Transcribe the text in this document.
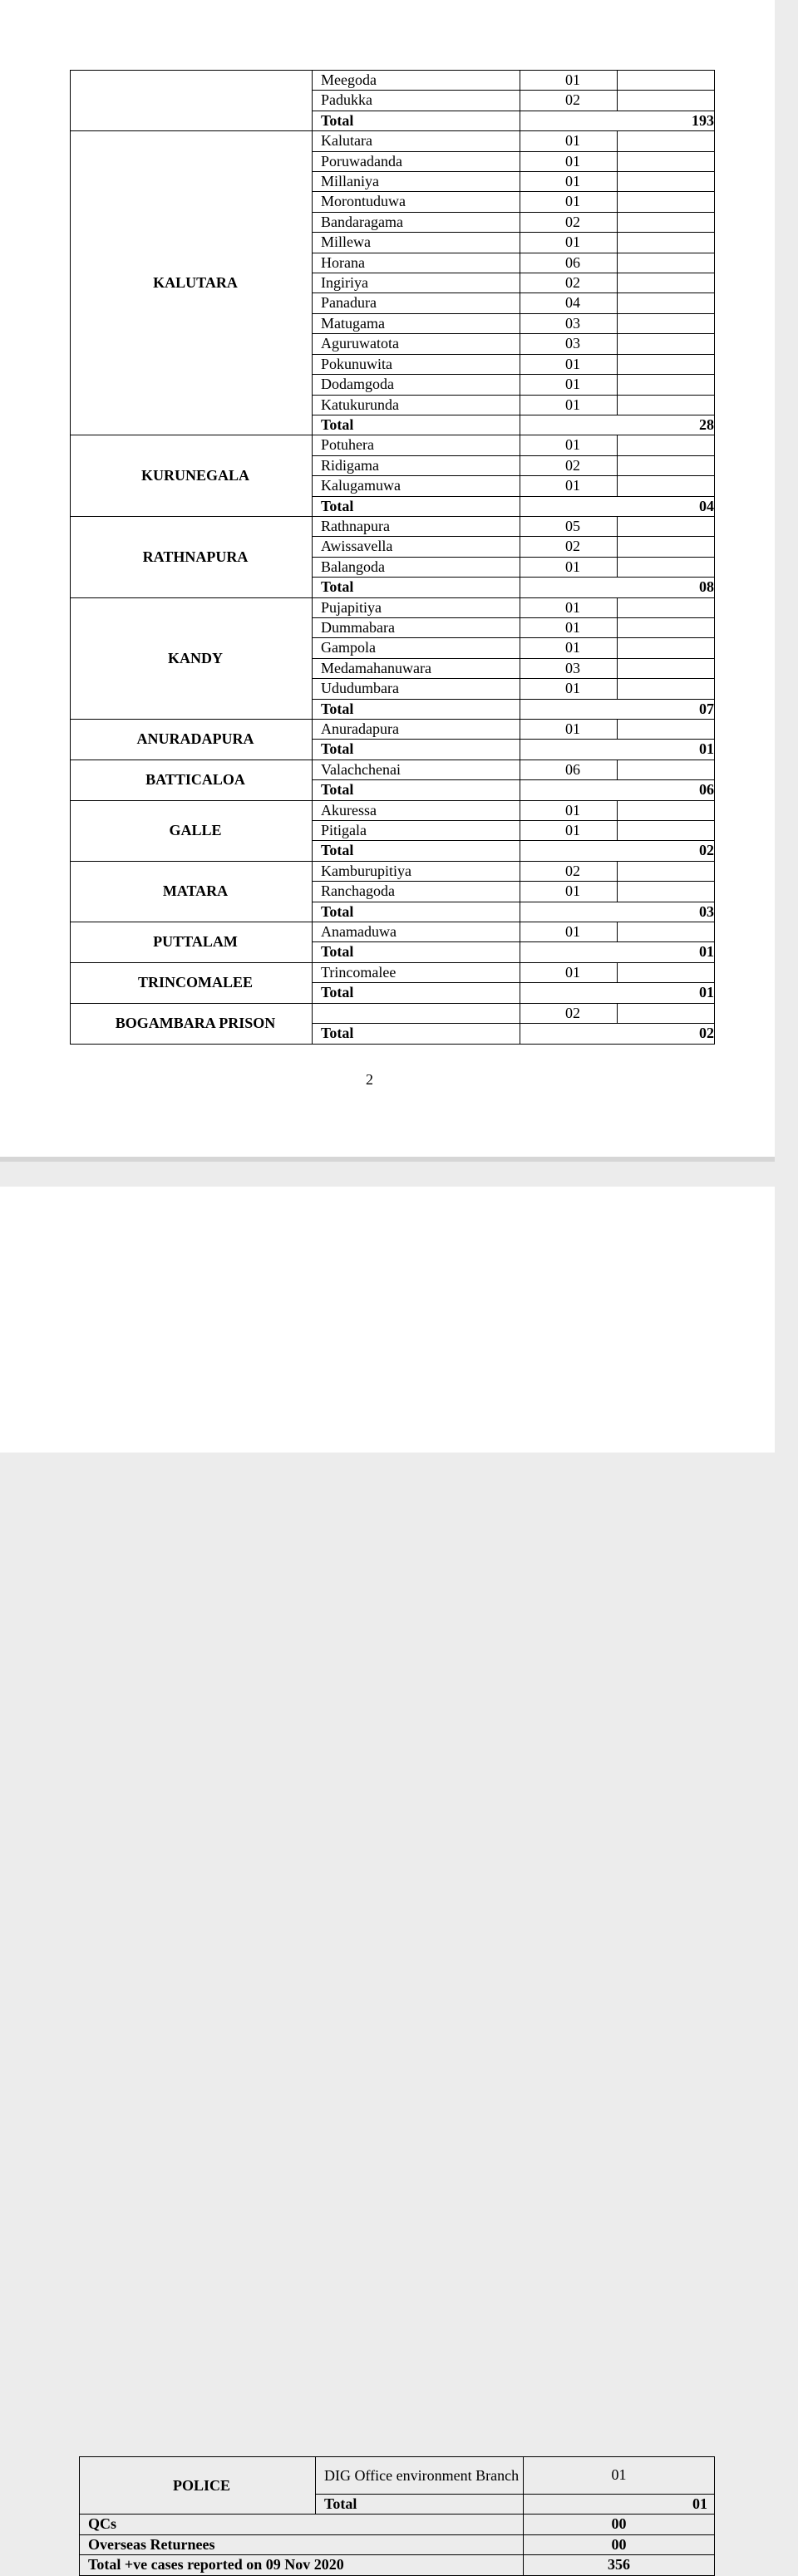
	Meegoda	01	
	Padukka	02	
	Total	193	
KALUTARA	Kalutara	01	
	Poruwadanda	01	
	Millaniya	01	
	Morontuduwa	01	
	Bandaragama	02	
	Millewa	01	
	Horana	06	
	Ingiriya	02	
	Panadura	04	
	Matugama	03	
	Aguruwatota	03	
	Pokunuwita	01	
	Dodamgoda	01	
	Katukurunda	01	
	Total	28	
KURUNEGALA	Potuhera	01	
	Ridigama	02	
	Kalugamuwa	01	
	Total	04	
RATHNAPURA	Rathnapura	05	
	Awissavella	02	
	Balangoda	01	
	Total	08	
KANDY	Pujapitiya	01	
	Dummabara	01	
	Gampola	01	
	Medamahanuwara	03	
	Ududumbara	01	
	Total	07	
ANURADAPURA	Anuradapura	01	
	Total	01	
BATTICALOA	Valachchenai	06	
	Total	06	
GALLE	Akuressa	01	
	Pitigala	01	
	Total	02	
MATARA	Kamburupitiya	02	
	Ranchagoda	01	
	Total	03	
PUTTALAM	Anamaduwa	01	
	Total	01	
TRINCOMALEE	Trincomalee	01	
	Total	01	
BOGAMBARA PRISON		02	
	Total	02	
2
POLICE	DIG Office environment Branch	01
	Total	01
QCs		00
Overseas Returnees		00
Total +ve cases reported on 09 Nov 2020		356
